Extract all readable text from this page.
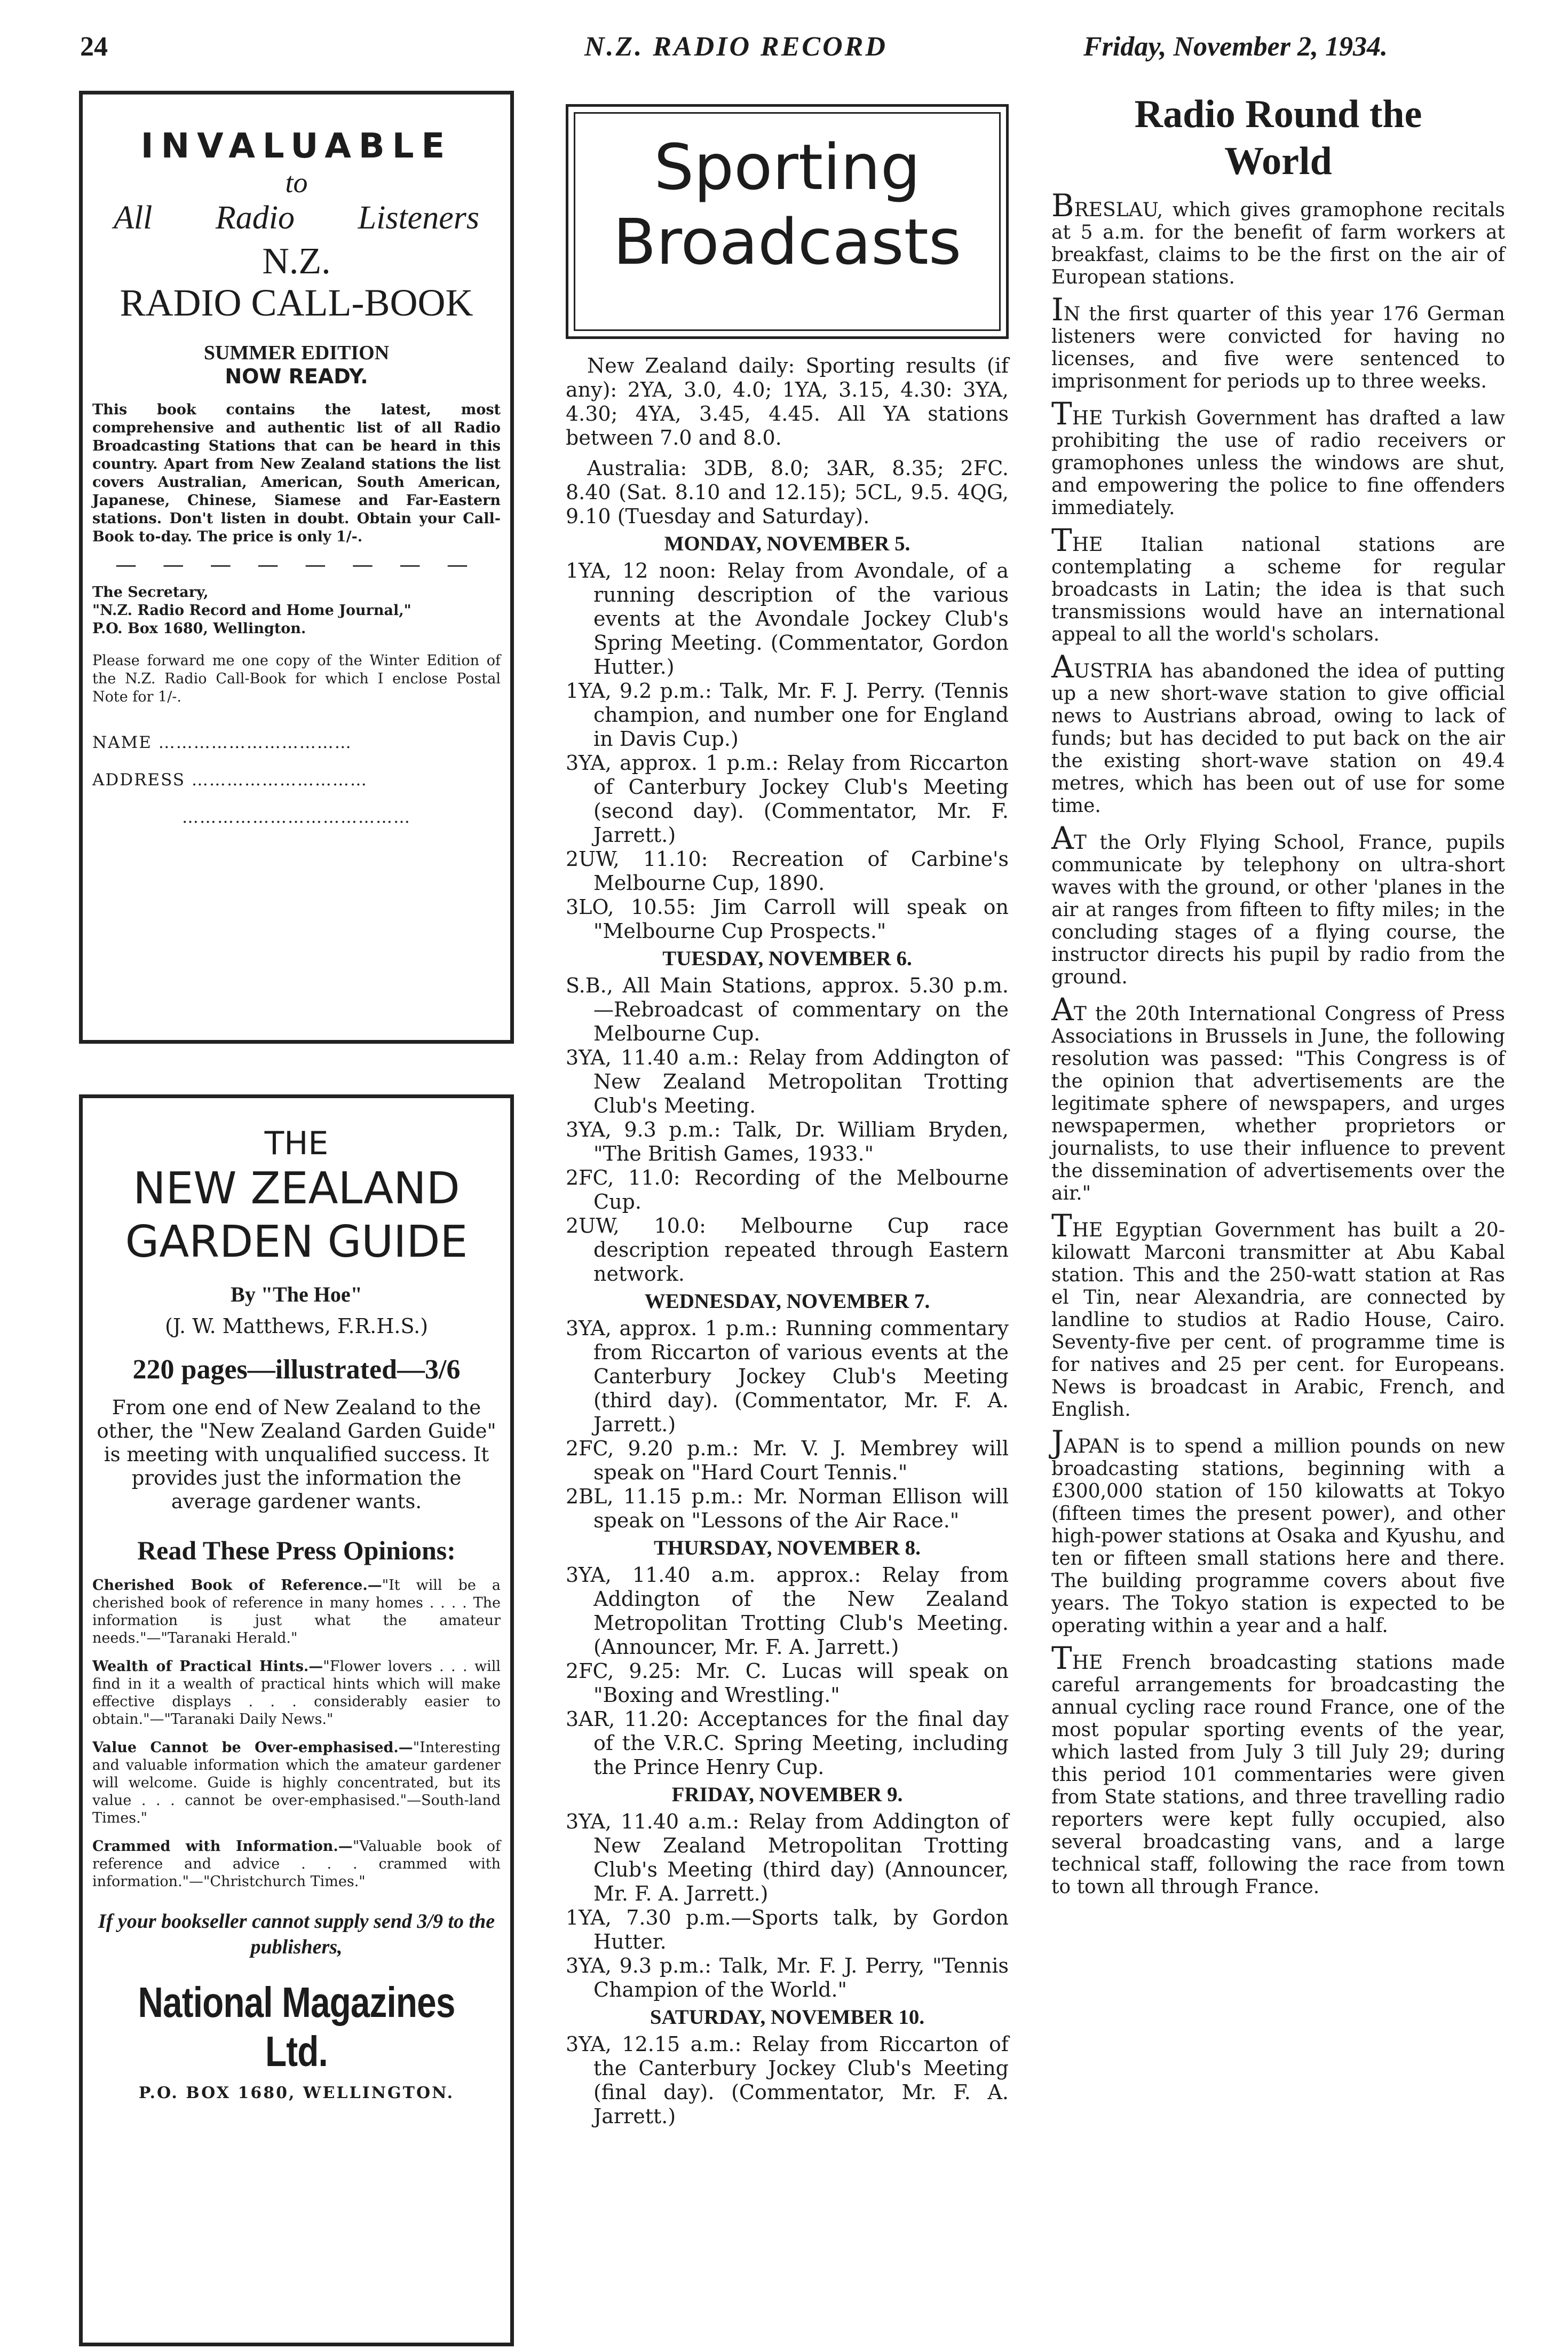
24	N.Z. RADIO RECORD	Friday, November 2, 1934.
INVALUABLE
to
All Radio Listeners
N.Z.
RADIO CALL-BOOK
SUMMER EDITION
NOW READY.
This book contains the latest, most comprehensive and authentic list of all Radio Broadcasting Stations that can be heard in this country. Apart from New Zealand stations the list covers Australian, American, South American, Japanese, Chinese, Siamese and Far-Eastern stations. Don't listen in doubt. Obtain your Call-Book to-day. The price is only 1/-.
— — — — — — — —
The Secretary,
"N.Z. Radio Record and Home Journal,"
P.O. Box 1680, Wellington.
Please forward me one copy of the Winter Edition of the N.Z. Radio Call-Book for which I enclose Postal Note for 1/-.
NAME ……………………………
ADDRESS …………………………
…………………………………
THE
NEW ZEALAND
GARDEN GUIDE
By "The Hoe"
(J. W. Matthews, F.R.H.S.)
220 pages—illustrated—3/6
From one end of New Zealand to the other, the "New Zealand Garden Guide" is meeting with unqualified success. It provides just the information the average gardener wants.
Read These Press Opinions:
Cherished Book of Reference.—"It will be a cherished book of reference in many homes . . . . The information is just what the amateur needs."—"Taranaki Herald."
Wealth of Practical Hints.—"Flower lovers . . . will find in it a wealth of practical hints which will make effective displays . . . considerably easier to obtain."—"Taranaki Daily News."
Value Cannot be Over-emphasised.—"Interesting and valuable information which the amateur gardener will welcome. Guide is highly concentrated, but its value . . . cannot be over-emphasised."—South-land Times."
Crammed with Information.—"Valuable book of reference and advice . . . crammed with information."—"Christchurch Times."
If your bookseller cannot supply send 3/9 to the publishers,
National Magazines Ltd.
P.O. BOX 1680, WELLINGTON.
Sporting
Broadcasts
New Zealand daily: Sporting results (if any): 2YA, 3.0, 4.0; 1YA, 3.15, 4.30: 3YA, 4.30; 4YA, 3.45, 4.45. All YA stations between 7.0 and 8.0.
Australia: 3DB, 8.0; 3AR, 8.35; 2FC. 8.40 (Sat. 8.10 and 12.15); 5CL, 9.5. 4QG, 9.10 (Tuesday and Saturday).
MONDAY, NOVEMBER 5.
1YA, 12 noon: Relay from Avondale, of a running description of the various events at the Avondale Jockey Club's Spring Meeting. (Commentator, Gordon Hutter.)
1YA, 9.2 p.m.: Talk, Mr. F. J. Perry. (Tennis champion, and number one for England in Davis Cup.)
3YA, approx. 1 p.m.: Relay from Riccarton of Canterbury Jockey Club's Meeting (second day). (Commentator, Mr. F. Jarrett.)
2UW, 11.10: Recreation of Carbine's Melbourne Cup, 1890.
3LO, 10.55: Jim Carroll will speak on "Melbourne Cup Prospects."
TUESDAY, NOVEMBER 6.
S.B., All Main Stations, approx. 5.30 p.m.—Rebroadcast of commentary on the Melbourne Cup.
3YA, 11.40 a.m.: Relay from Addington of New Zealand Metropolitan Trotting Club's Meeting.
3YA, 9.3 p.m.: Talk, Dr. William Bryden, "The British Games, 1933."
2FC, 11.0: Recording of the Melbourne Cup.
2UW, 10.0: Melbourne Cup race description repeated through Eastern network.
WEDNESDAY, NOVEMBER 7.
3YA, approx. 1 p.m.: Running commentary from Riccarton of various events at the Canterbury Jockey Club's Meeting (third day). (Commentator, Mr. F. A. Jarrett.)
2FC, 9.20 p.m.: Mr. V. J. Membrey will speak on "Hard Court Tennis."
2BL, 11.15 p.m.: Mr. Norman Ellison will speak on "Lessons of the Air Race."
THURSDAY, NOVEMBER 8.
3YA, 11.40 a.m. approx.: Relay from Addington of the New Zealand Metropolitan Trotting Club's Meeting. (Announcer, Mr. F. A. Jarrett.)
2FC, 9.25: Mr. C. Lucas will speak on "Boxing and Wrestling."
3AR, 11.20: Acceptances for the final day of the V.R.C. Spring Meeting, including the Prince Henry Cup.
FRIDAY, NOVEMBER 9.
3YA, 11.40 a.m.: Relay from Addington of New Zealand Metropolitan Trotting Club's Meeting (third day) (Announcer, Mr. F. A. Jarrett.)
1YA, 7.30 p.m.—Sports talk, by Gordon Hutter.
3YA, 9.3 p.m.: Talk, Mr. F. J. Perry, "Tennis Champion of the World."
SATURDAY, NOVEMBER 10.
3YA, 12.15 a.m.: Relay from Riccarton of the Canterbury Jockey Club's Meeting (final day). (Commentator, Mr. F. A. Jarrett.)
Radio Round the
World
BRESLAU, which gives gramophone recitals at 5 a.m. for the benefit of farm workers at breakfast, claims to be the first on the air of European stations.
IN the first quarter of this year 176 German listeners were convicted for having no licenses, and five were sentenced to imprisonment for periods up to three weeks.
THE Turkish Government has drafted a law prohibiting the use of radio receivers or gramophones unless the windows are shut, and empowering the police to fine offenders immediately.
THE Italian national stations are contemplating a scheme for regular broadcasts in Latin; the idea is that such transmissions would have an international appeal to all the world's scholars.
AUSTRIA has abandoned the idea of putting up a new short-wave station to give official news to Austrians abroad, owing to lack of funds; but has decided to put back on the air the existing short-wave station on 49.4 metres, which has been out of use for some time.
AT the Orly Flying School, France, pupils communicate by telephony on ultra-short waves with the ground, or other 'planes in the air at ranges from fifteen to fifty miles; in the concluding stages of a flying course, the instructor directs his pupil by radio from the ground.
AT the 20th International Congress of Press Associations in Brussels in June, the following resolution was passed: "This Congress is of the opinion that advertisements are the legitimate sphere of newspapers, and urges newspapermen, whether proprietors or journalists, to use their influence to prevent the dissemination of advertisements over the air."
THE Egyptian Government has built a 20-kilowatt Marconi transmitter at Abu Kabal station. This and the 250-watt station at Ras el Tin, near Alexandria, are connected by landline to studios at Radio House, Cairo. Seventy-five per cent. of programme time is for natives and 25 per cent. for Europeans. News is broadcast in Arabic, French, and English.
JAPAN is to spend a million pounds on new broadcasting stations, beginning with a £300,000 station of 150 kilowatts at Tokyo (fifteen times the present power), and other high-power stations at Osaka and Kyushu, and ten or fifteen small stations here and there. The building programme covers about five years. The Tokyo station is expected to be operating within a year and a half.
THE French broadcasting stations made careful arrangements for broadcasting the annual cycling race round France, one of the most popular sporting events of the year, which lasted from July 3 till July 29; during this period 101 commentaries were given from State stations, and three travelling radio reporters were kept fully occupied, also several broadcasting vans, and a large technical staff, following the race from town to town all through France.
